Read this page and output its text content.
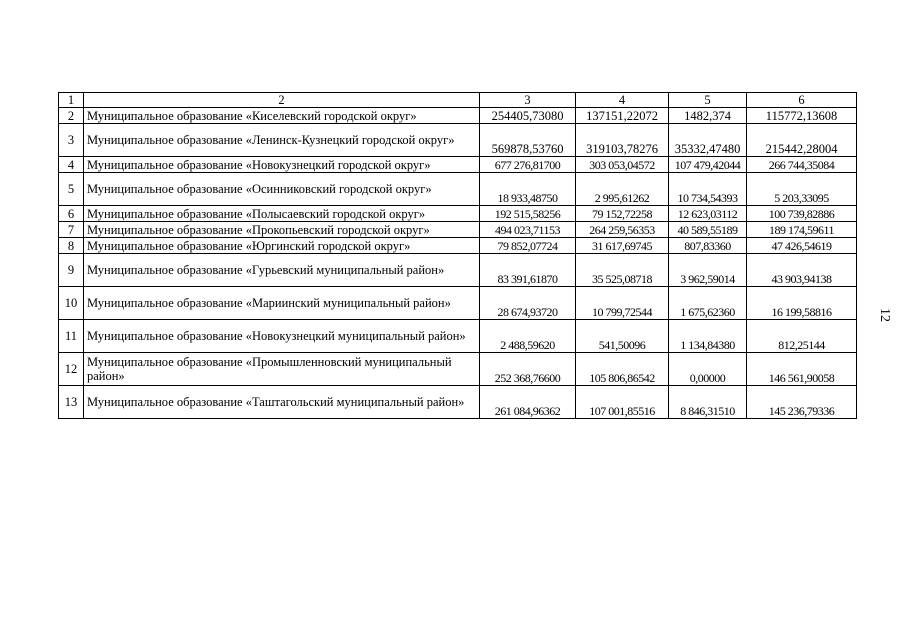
1	2	3	4	5	6
2	Муниципальное образование «Киселевский городской округ»	254405,73080	137151,22072	1482,374	115772,13608
3	Муниципальное образование «Ленинск-Кузнецкий городской округ»	569878,53760	319103,78276	35332,47480	215442,28004
4	Муниципальное образование «Новокузнецкий городской округ»	677 276,81700	303 053,04572	107 479,42044	266 744,35084
5	Муниципальное образование «Осинниковский городской округ»	18 933,48750	2 995,61262	10 734,54393	5 203,33095
6	Муниципальное образование «Полысаевский городской округ»	192 515,58256	79 152,72258	12 623,03112	100 739,82886
7	Муниципальное образование «Прокопьевский городской округ»	494 023,71153	264 259,56353	40 589,55189	189 174,59611
8	Муниципальное образование «Юргинский городской округ»	79 852,07724	31 617,69745	807,83360	47 426,54619
9	Муниципальное образование «Гурьевский муниципальный район»	83 391,61870	35 525,08718	3 962,59014	43 903,94138
10	Муниципальное образование «Мариинский муниципальный район»	28 674,93720	10 799,72544	1 675,62360	16 199,58816
11	Муниципальное образование «Новокузнецкий муниципальный район»	2 488,59620	541,50096	1 134,84380	812,25144
12	Муниципальное образование «Промышленновский муниципальный район»	252 368,76600	105 806,86542	0,00000	146 561,90058
13	Муниципальное образование «Таштагольский муниципальный район»	261 084,96362	107 001,85516	8 846,31510	145 236,79336
12
